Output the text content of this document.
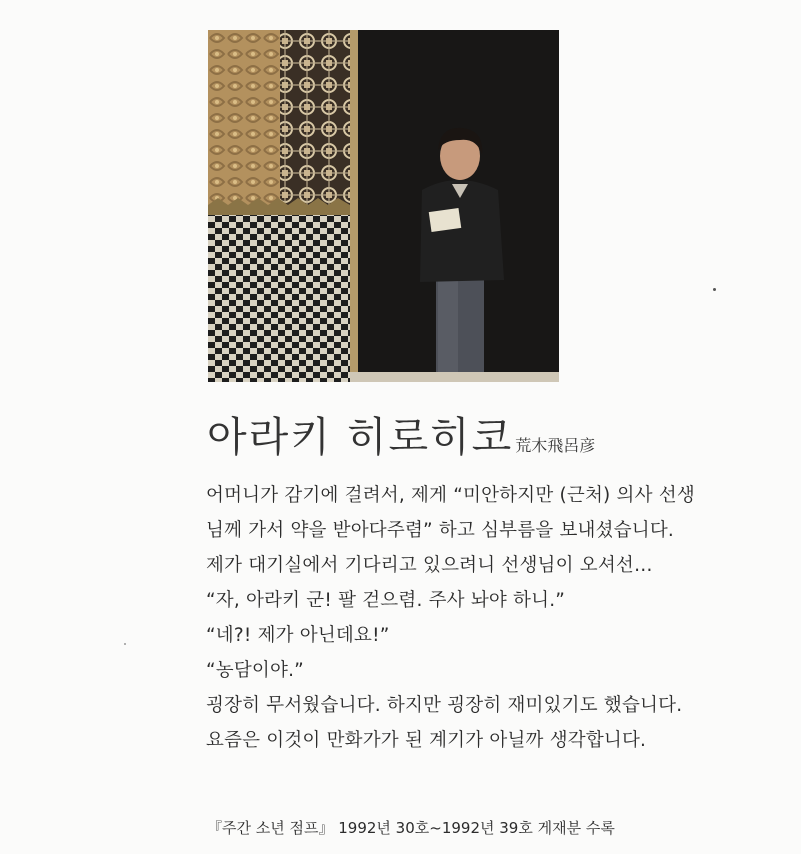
아라키 히로히코 荒木飛呂彦
어머니가 감기에 걸려서, 제게 “미안하지만 (근처) 의사 선생
님께 가서 약을 받아다주렴” 하고 심부름을 보내셨습니다.
제가 대기실에서 기다리고 있으려니 선생님이 오셔선…
“자, 아라키 군! 팔 걷으렴. 주사 놔야 하니.”
“네?! 제가 아닌데요!”
“농담이야.”
굉장히 무서웠습니다. 하지만 굉장히 재미있기도 했습니다.
요즘은 이것이 만화가가 된 계기가 아닐까 생각합니다.
『주간 소년 점프』 1992년 30호~1992년 39호 게재분 수록
